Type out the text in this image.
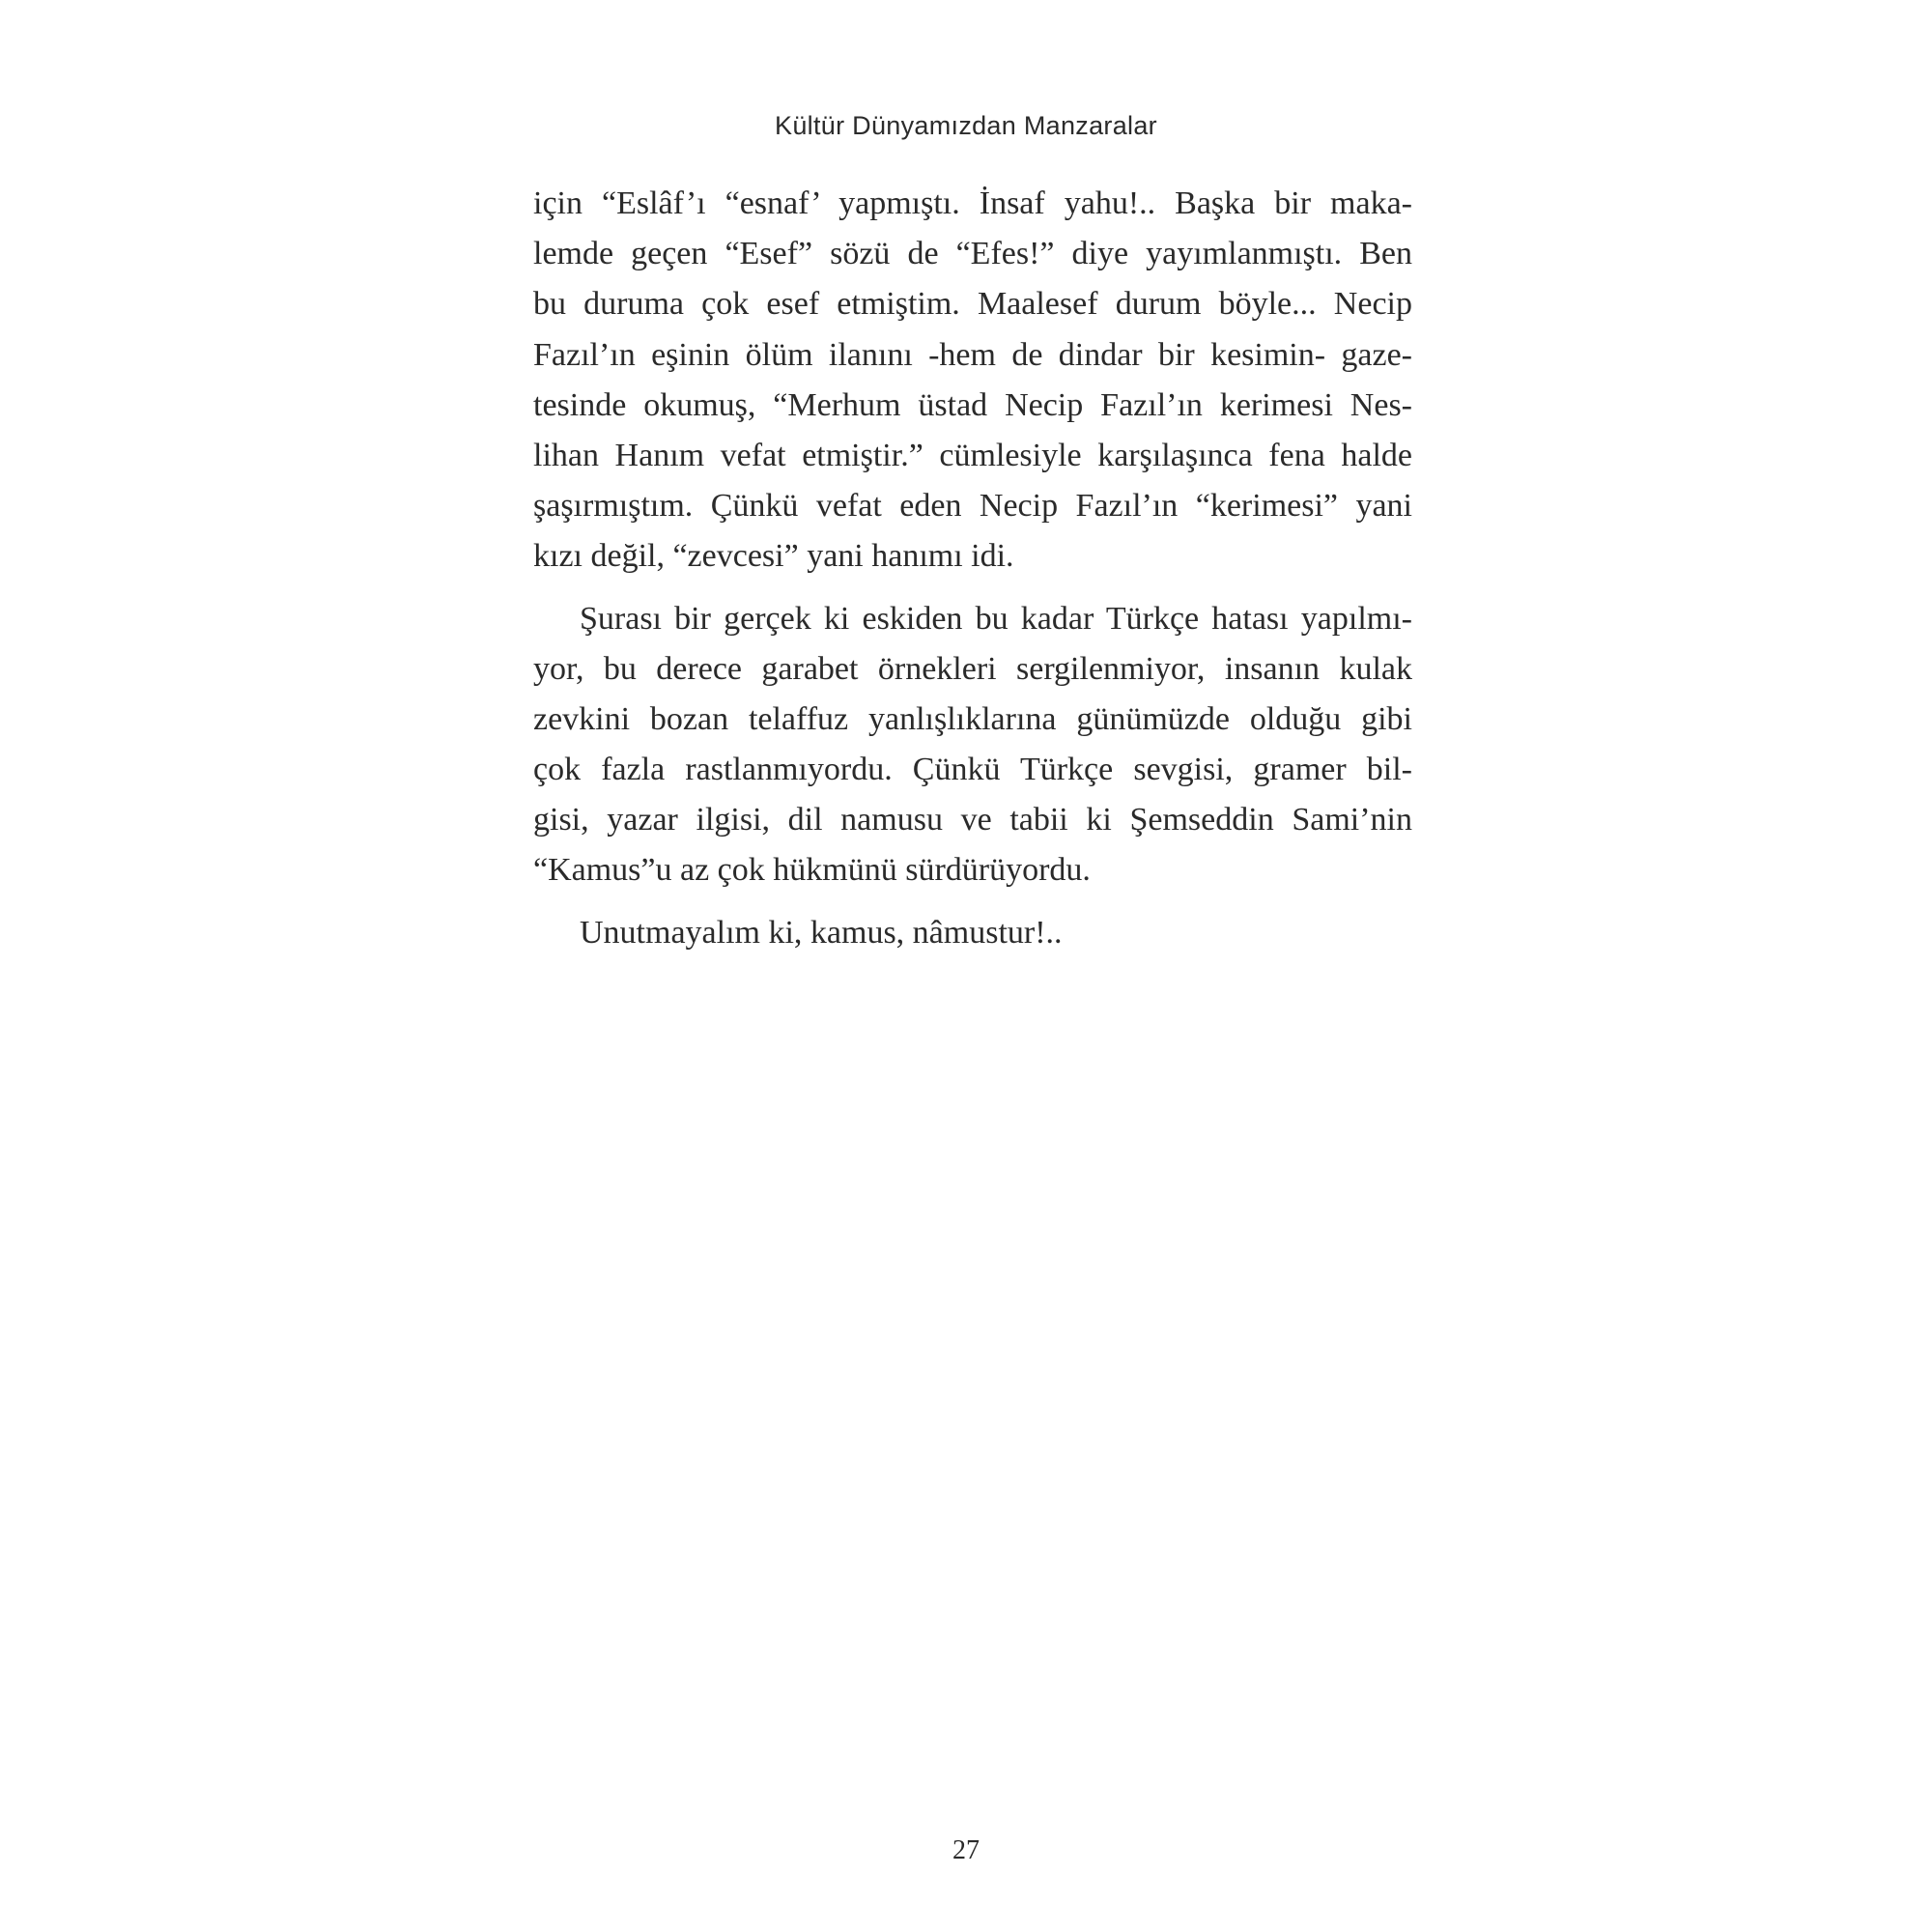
Kültür Dünyamızdan Manzaralar
için “Eslâf’ı “esnaf’ yapmıştı. İnsaf yahu!.. Başka bir maka-
lemde geçen “Esef” sözü de “Efes!” diye yayımlanmıştı. Ben
bu duruma çok esef etmiştim. Maalesef durum böyle... Necip
Fazıl’ın eşinin ölüm ilanını -hem de dindar bir kesimin- gaze-
tesinde okumuş, “Merhum üstad Necip Fazıl’ın kerimesi Nes-
lihan Hanım vefat etmiştir.” cümlesiyle karşılaşınca fena halde
şaşırmıştım. Çünkü vefat eden Necip Fazıl’ın “kerimesi” yani
kızı değil, “zevcesi” yani hanımı idi.
Şurası bir gerçek ki eskiden bu kadar Türkçe hatası yapılmı-
yor, bu derece garabet örnekleri sergilenmiyor, insanın kulak
zevkini bozan telaffuz yanlışlıklarına günümüzde olduğu gibi
çok fazla rastlanmıyordu. Çünkü Türkçe sevgisi, gramer bil-
gisi, yazar ilgisi, dil namusu ve tabii ki Şemseddin Sami’nin
“Kamus”u az çok hükmünü sürdürüyordu.
Unutmayalım ki, kamus, nâmustur!..
27
